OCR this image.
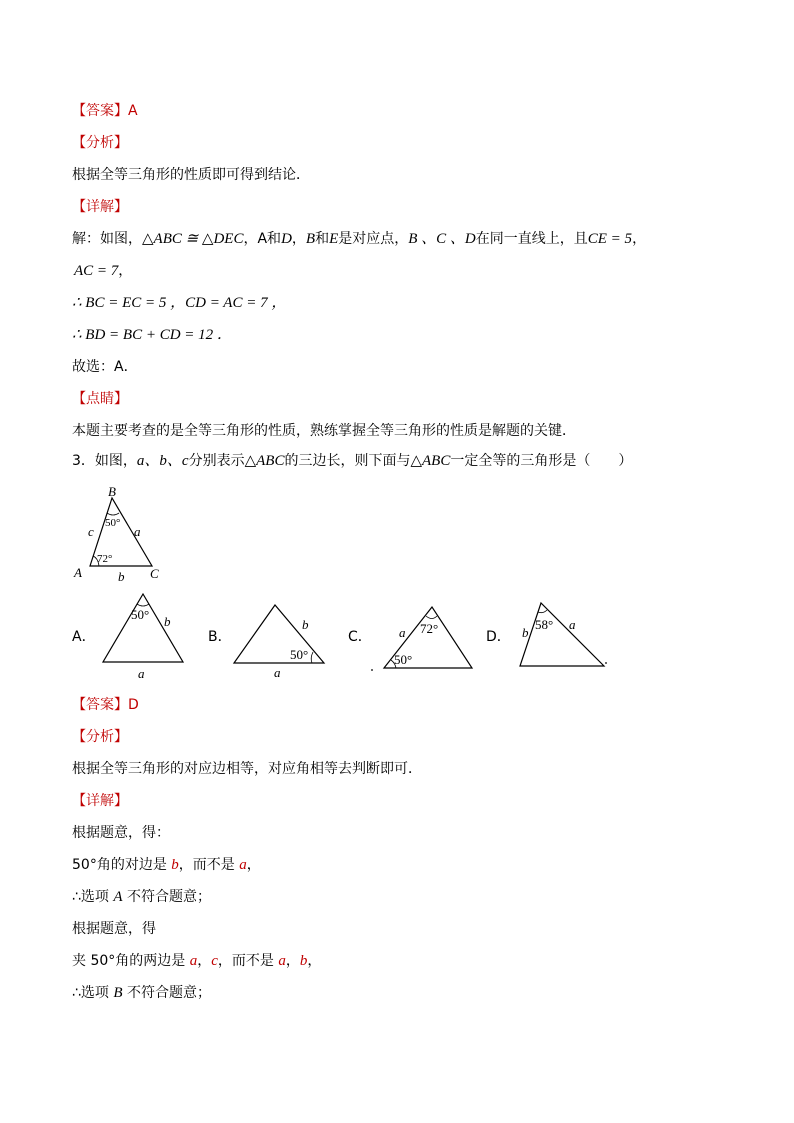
【答案】A
【分析】
根据全等三角形的性质即可得到结论．
【详解】
解：如图，△ABC ≅ △DEC，A和D，B和E是对应点，B 、C 、D在同一直线上，且CE = 5，
AC = 7，
∴ BC = EC = 5 ，CD = AC = 7 ，
∴ BD = BC + CD = 12 ．
故选：A．
【点睛】
本题主要考查的是全等三角形的性质，熟练掌握全等三角形的性质是解题的关键．
3．如图，a、b、c分别表示△ABC的三边长，则下面与△ABC一定全等的三角形是（　　）
B
A	C
c	a
b
50°
72°
A．
50° b
a
B．
50°
b
a
C．
72°
50°
a	D．
58°
b
a
【答案】D
【分析】
根据全等三角形的对应边相等，对应角相等去判断即可．
【详解】
根据题意，得：
50°角的对边是 b，而不是 a，
∴选项 A 不符合题意；
根据题意，得
夹 50°角的两边是 a，c，而不是 a，b，
∴选项 B 不符合题意；
